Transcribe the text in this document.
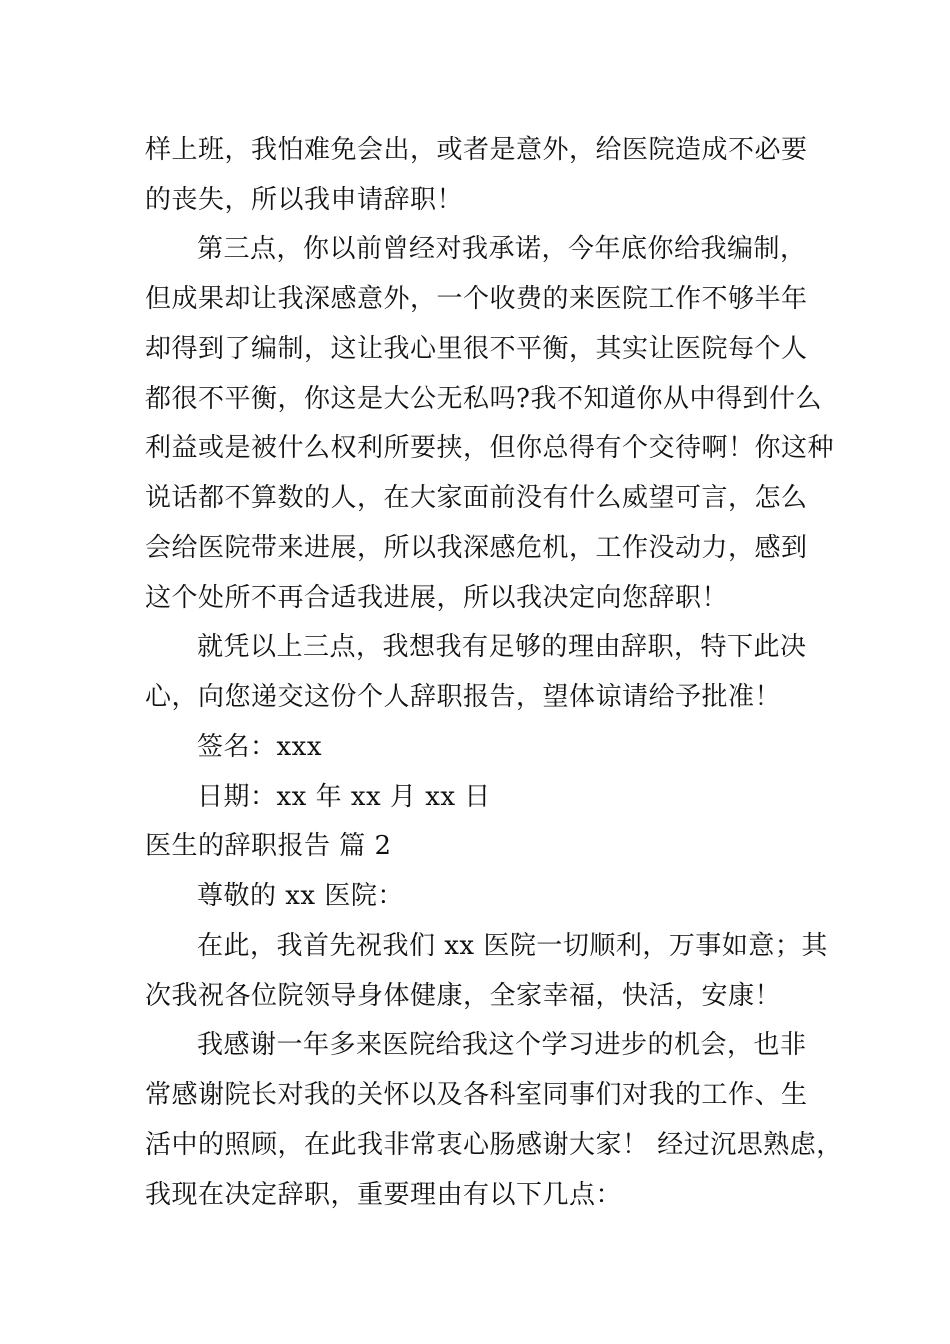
样上班，我怕难免会出，或者是意外，给医院造成不必要
的丧失，所以我申请辞职！
第三点，你以前曾经对我承诺，今年底你给我编制，
但成果却让我深感意外，一个收费的来医院工作不够半年
却得到了编制，这让我心里很不平衡，其实让医院每个人
都很不平衡，你这是大公无私吗?我不知道你从中得到什么
利益或是被什么权利所要挟，但你总得有个交待啊！你这种
说话都不算数的人，在大家面前没有什么威望可言，怎么
会给医院带来进展，所以我深感危机，工作没动力，感到
这个处所不再合适我进展，所以我决定向您辞职！
就凭以上三点，我想我有足够的理由辞职，特下此决
心，向您递交这份个人辞职报告，望体谅请给予批准！
签名：xxx
日期：xx 年 xx 月 xx 日
医生的辞职报告 篇 2
尊敬的 xx 医院：
在此，我首先祝我们 xx 医院一切顺利，万事如意；其
次我祝各位院领导身体健康，全家幸福，快活，安康！
我感谢一年多来医院给我这个学习进步的机会，也非
常感谢院长对我的关怀以及各科室同事们对我的工作、生
活中的照顾，在此我非常衷心肠感谢大家！ 经过沉思熟虑，
我现在决定辞职，重要理由有以下几点：
